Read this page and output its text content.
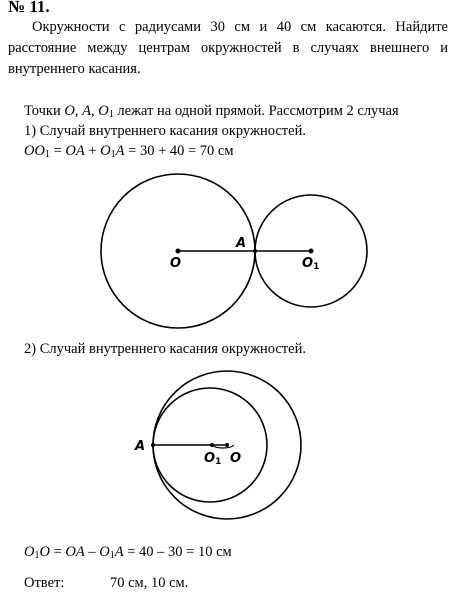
№ 11.
Окружности с радиусами 30 см и 40 см касаются. Найдите расстояние между центрам окружностей в случаях внешнего и внутреннего касания.
Точки O, A, $O_1$ лежат на одной прямой. Рассмотрим 2 случая
1) Случай внутреннего касания окружностей.
$OO_1$ = OA + $O_1A = 30 + 40 = 70$ см
O
A
$O_1$
2) Случай внутреннего касания окружностей.
A
$O_1$ O
$O_1O$ = OA – $O_1A = 40 - 30 = 10$ см
Ответ:	70 см, 10 см.
